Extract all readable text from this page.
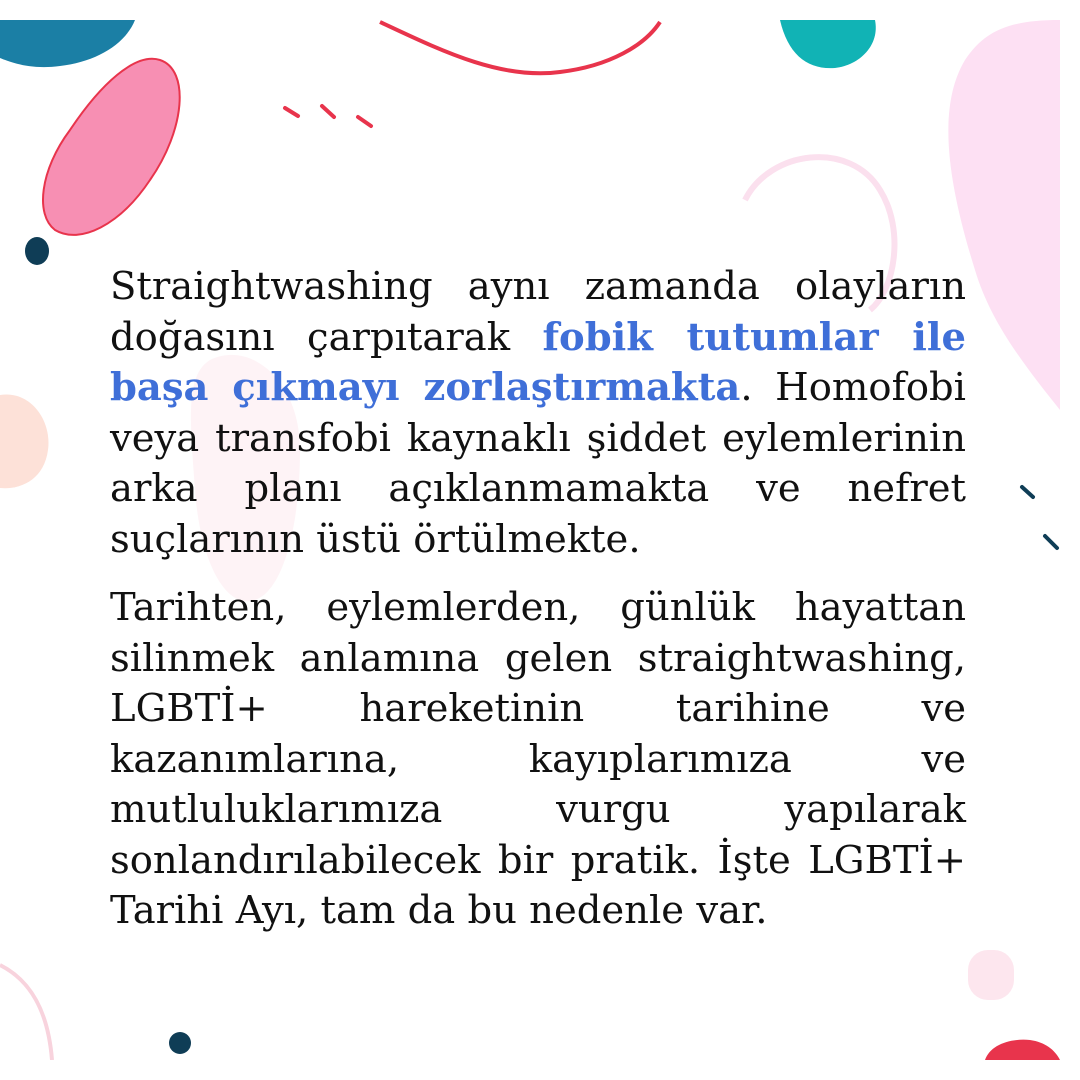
Straightwashing aynı zamanda olayların doğasını çarpıtarak fobik tutumlar ile başa çıkmayı zorlaştırmakta. Homofobi veya transfobi kaynaklı şiddet eylemlerinin arka planı açıklanmamakta ve nefret suçlarının üstü örtülmekte.

Tarihten, eylemlerden, günlük hayattan silinmek anlamına gelen straightwashing, LGBTİ+ hareketinin tarihine ve kazanımlarına, kayıplarımıza ve mutluluklarımıza vurgu yapılarak sonlandırılabilecek bir pratik. İşte LGBTİ+ Tarihi Ayı, tam da bu nedenle var.
